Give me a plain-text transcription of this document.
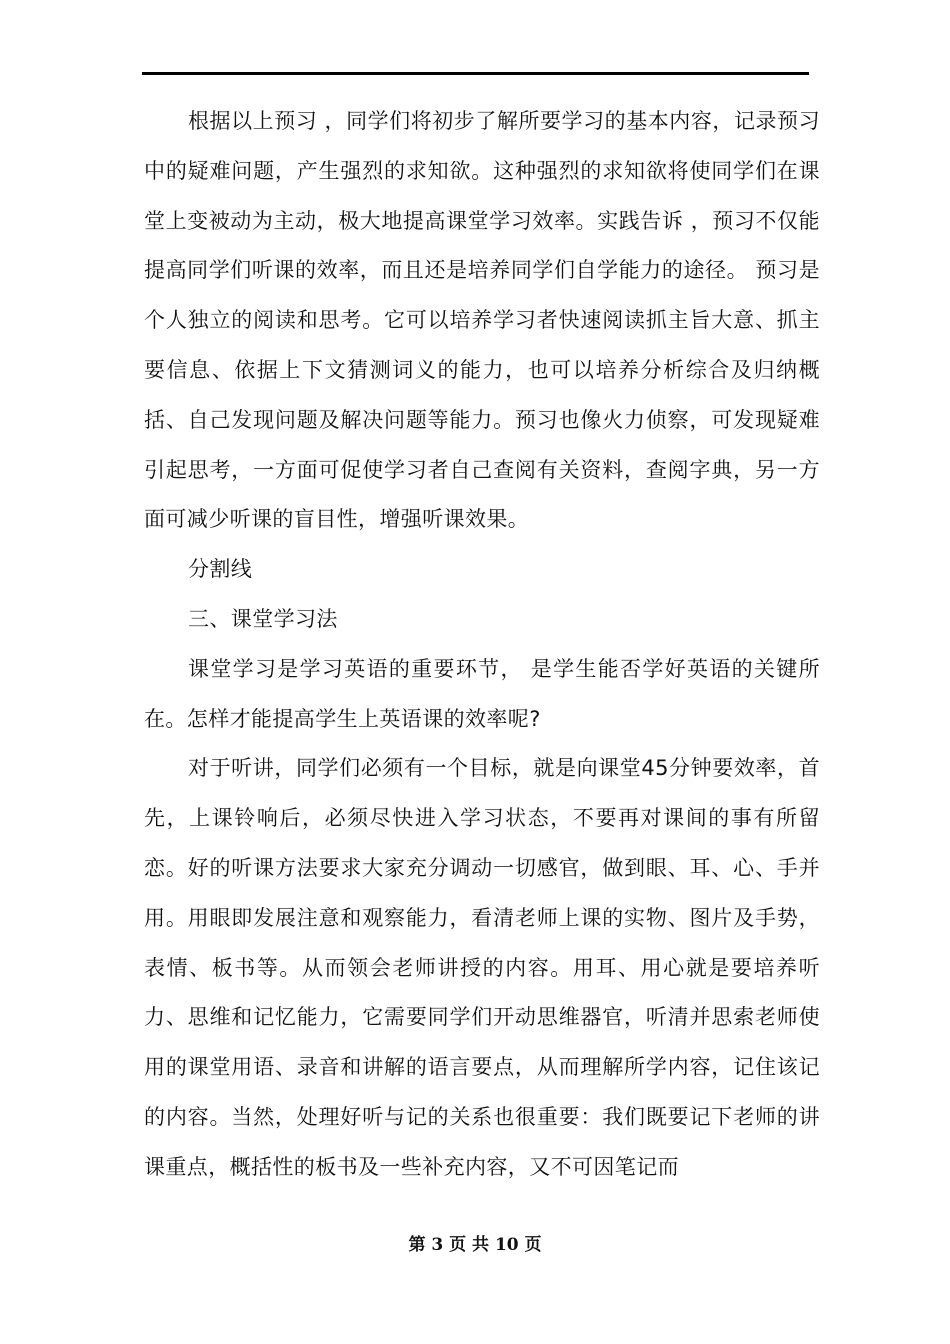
根据以上预习 ，同学们将初步了解所要学习的基本内容，记录预习中的疑难问题，产生强烈的求知欲。这种强烈的求知欲将使同学们在课堂上变被动为主动，极大地提高课堂学习效率。实践告诉 ，预习不仅能提高同学们听课的效率，而且还是培养同学们自学能力的途径。 预习是个人独立的阅读和思考。它可以培养学习者快速阅读抓主旨大意、抓主要信息、依据上下文猜测词义的能力，也可以培养分析综合及归纳概括、自己发现问题及解决问题等能力。预习也像火力侦察，可发现疑难引起思考，一方面可促使学习者自己查阅有关资料，查阅字典，另一方面可减少听课的盲目性，增强听课效果。

分割线

三、课堂学习法

课堂学习是学习英语的重要环节， 是学生能否学好英语的关键所在。怎样才能提高学生上英语课的效率呢?

对于听讲，同学们必须有一个目标，就是向课堂45分钟要效率，首先，上课铃响后，必须尽快进入学习状态，不要再对课间的事有所留恋。好的听课方法要求大家充分调动一切感官，做到眼、耳、心、手并用。用眼即发展注意和观察能力，看清老师上课的实物、图片及手势，表情、板书等。从而领会老师讲授的内容。用耳、用心就是要培养听力、思维和记忆能力，它需要同学们开动思维器官，听清并思索老师使用的课堂用语、录音和讲解的语言要点，从而理解所学内容，记住该记的内容。当然，处理好听与记的关系也很重要：我们既要记下老师的讲课重点，概括性的板书及一些补充内容，又不可因笔记而

第 3 页 共 10 页
